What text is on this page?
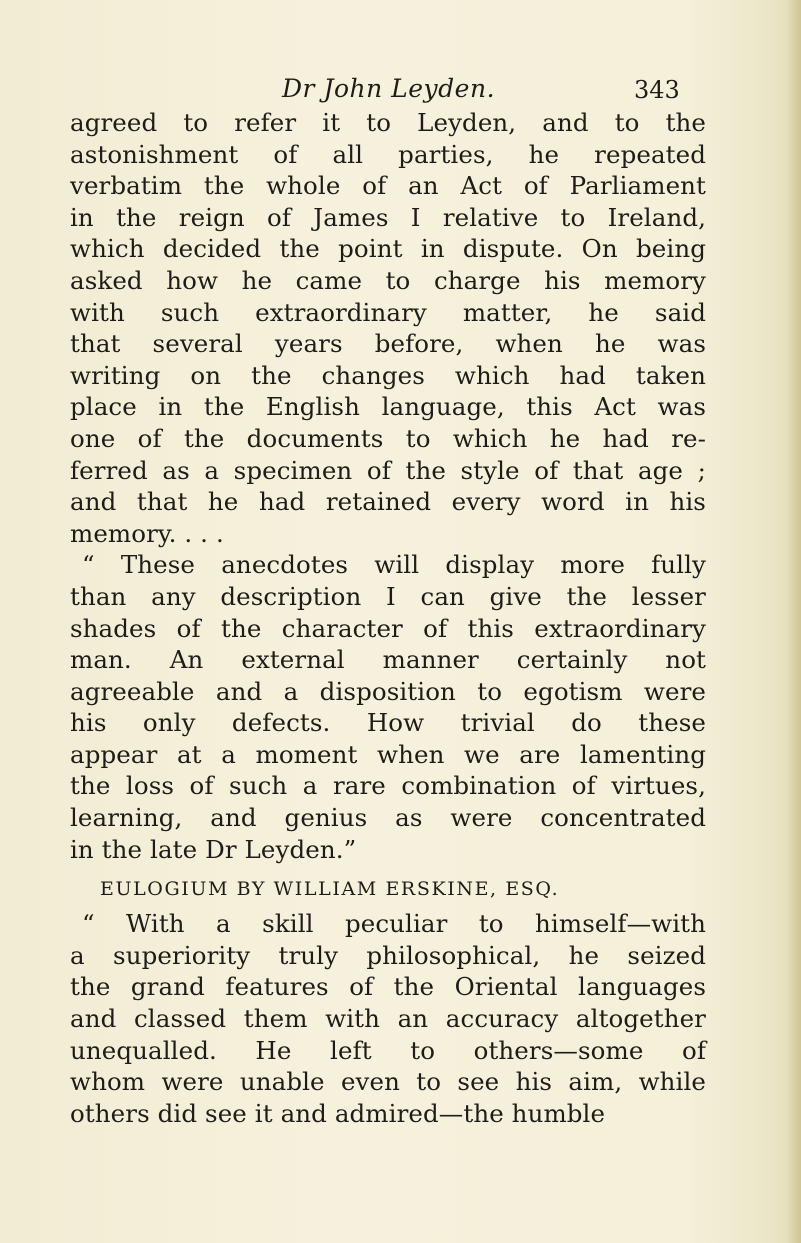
Dr John Leyden.	343
agreed to refer it to Leyden, and to the
astonishment of all parties, he repeated
verbatim the whole of an Act of Parliament
in the reign of James I relative to Ireland,
which decided the point in dispute. On being
asked how he came to charge his memory
with such extraordinary matter, he said
that several years before, when he was
writing on the changes which had taken
place in the English language, this Act was
one of the documents to which he had re-
ferred as a specimen of the style of that age ;
and that he had retained every word in his
memory. . . .
“ These anecdotes will display more fully
than any description I can give the lesser
shades of the character of this extraordinary
man. An external manner certainly not
agreeable and a disposition to egotism were
his only defects. How trivial do these
appear at a moment when we are lamenting
the loss of such a rare combination of virtues,
learning, and genius as were concentrated
in the late Dr Leyden.”
EULOGIUM BY WILLIAM ERSKINE, ESQ.
“ With a skill peculiar to himself—with
a superiority truly philosophical, he seized
the grand features of the Oriental languages
and classed them with an accuracy altogether
unequalled. He left to others—some of
whom were unable even to see his aim, while
others did see it and admired—the humble
